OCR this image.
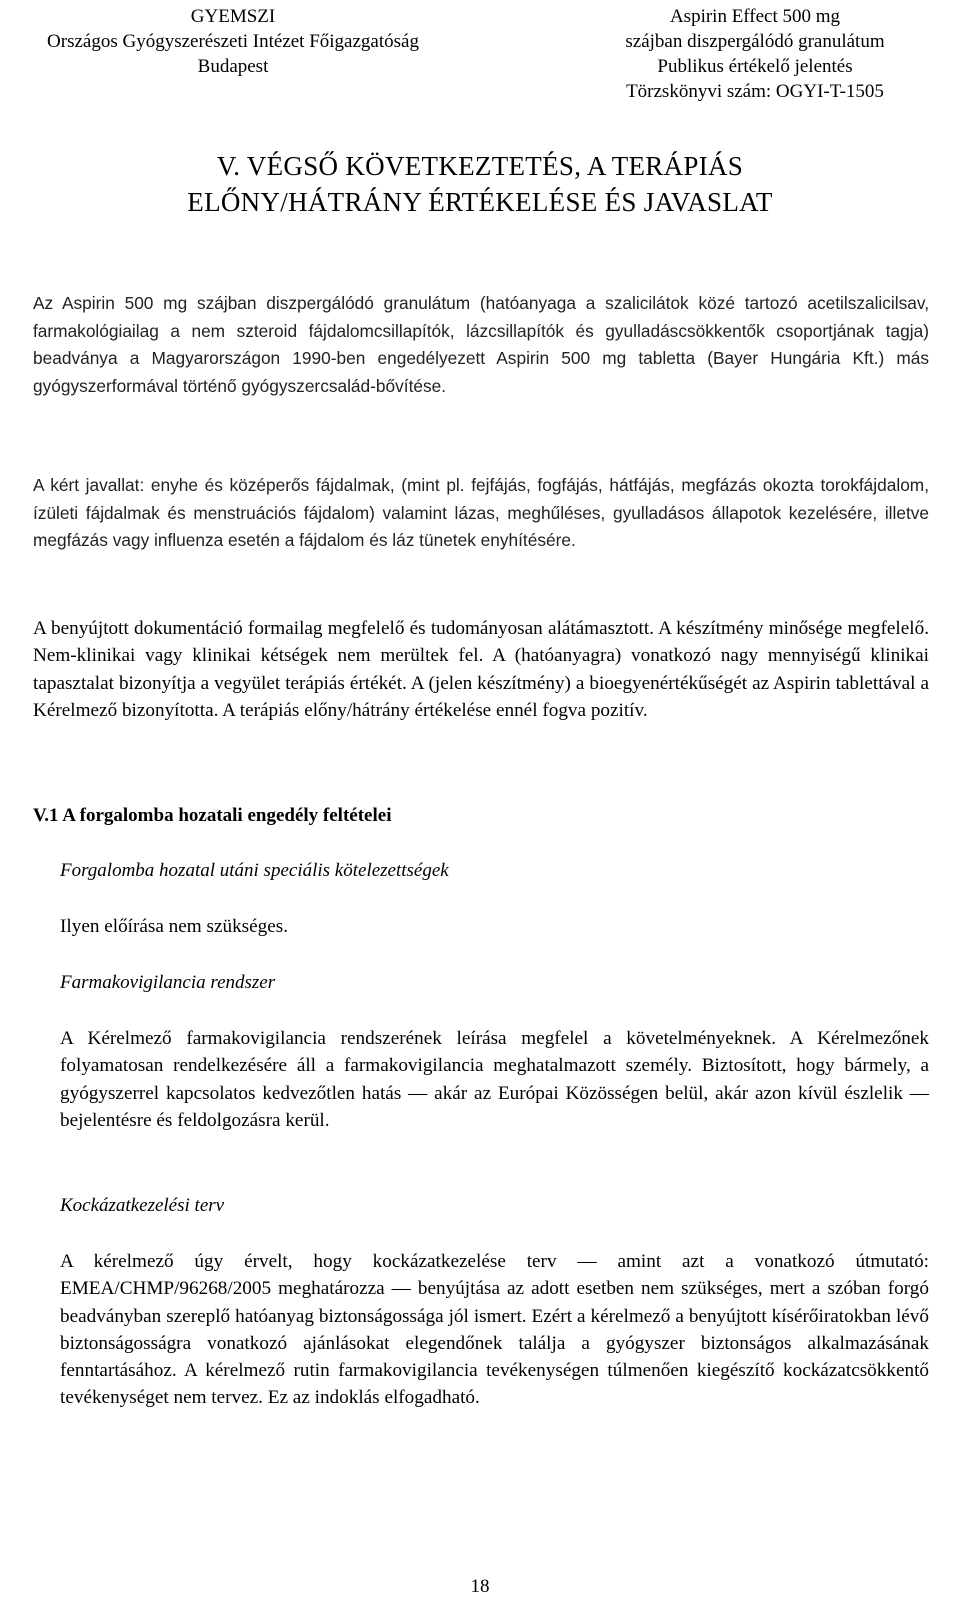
GYEMSZI
Országos Gyógyszerészeti Intézet Főigazgatóság
Budapest
Aspirin Effect 500 mg
szájban diszpergálódó granulátum
Publikus értékelő jelentés
Törzskönyvi szám: OGYI-T-1505
V. VÉGSŐ KÖVETKEZTETÉS, A TERÁPIÁS
ELŐNY/HÁTRÁNY ÉRTÉKELÉSE ÉS JAVASLAT
Az Aspirin 500 mg szájban diszpergálódó granulátum (hatóanyaga a szalicilátok közé tartozó acetilszalicilsav, farmakológiailag a nem szteroid fájdalomcsillapítók, lázcsillapítók és gyulladáscsökkentők csoportjának tagja) beadványa a Magyarországon 1990-ben engedélyezett Aspirin 500 mg tabletta (Bayer Hungária Kft.) más gyógyszerformával történő gyógyszercsalád-bővítése.
A kért javallat: enyhe és középerős fájdalmak, (mint pl. fejfájás, fogfájás, hátfájás, megfázás okozta torokfájdalom, ízületi fájdalmak és menstruációs fájdalom) valamint lázas, meghűléses, gyulladásos állapotok kezelésére, illetve megfázás vagy influenza esetén a fájdalom és láz tünetek enyhítésére.
A benyújtott dokumentáció formailag megfelelő és tudományosan alátámasztott. A készítmény minősége megfelelő. Nem-klinikai vagy klinikai kétségek nem merültek fel. A (hatóanyagra) vonatkozó nagy mennyiségű klinikai tapasztalat bizonyítja a vegyület terápiás értékét. A (jelen készítmény) a bioegyenértékűségét az Aspirin tablettával a Kérelmező bizonyította. A terápiás előny/hátrány értékelése ennél fogva pozitív.
V.1 A forgalomba hozatali engedély feltételei
Forgalomba hozatal utáni speciális kötelezettségek
Ilyen előírása nem szükséges.
Farmakovigilancia rendszer
A Kérelmező farmakovigilancia rendszerének leírása megfelel a követelményeknek. A Kérelmezőnek folyamatosan rendelkezésére áll a farmakovigilancia meghatalmazott személy. Biztosított, hogy bármely, a gyógyszerrel kapcsolatos kedvezőtlen hatás — akár az Európai Közösségen belül, akár azon kívül észlelik — bejelentésre és feldolgozásra kerül.
Kockázatkezelési terv
A kérelmező úgy érvelt, hogy kockázatkezelése terv — amint azt a vonatkozó útmutató: EMEA/CHMP/96268/2005 meghatározza — benyújtása az adott esetben nem szükséges, mert a szóban forgó beadványban szereplő hatóanyag biztonságossága jól ismert. Ezért a kérelmező a benyújtott kísérőiratokban lévő biztonságosságra vonatkozó ajánlásokat elegendőnek találja a gyógyszer biztonságos alkalmazásának fenntartásához. A kérelmező rutin farmakovigilancia tevékenységen túlmenően kiegészítő kockázatcsökkentő tevékenységet nem tervez. Ez az indoklás elfogadható.
18
